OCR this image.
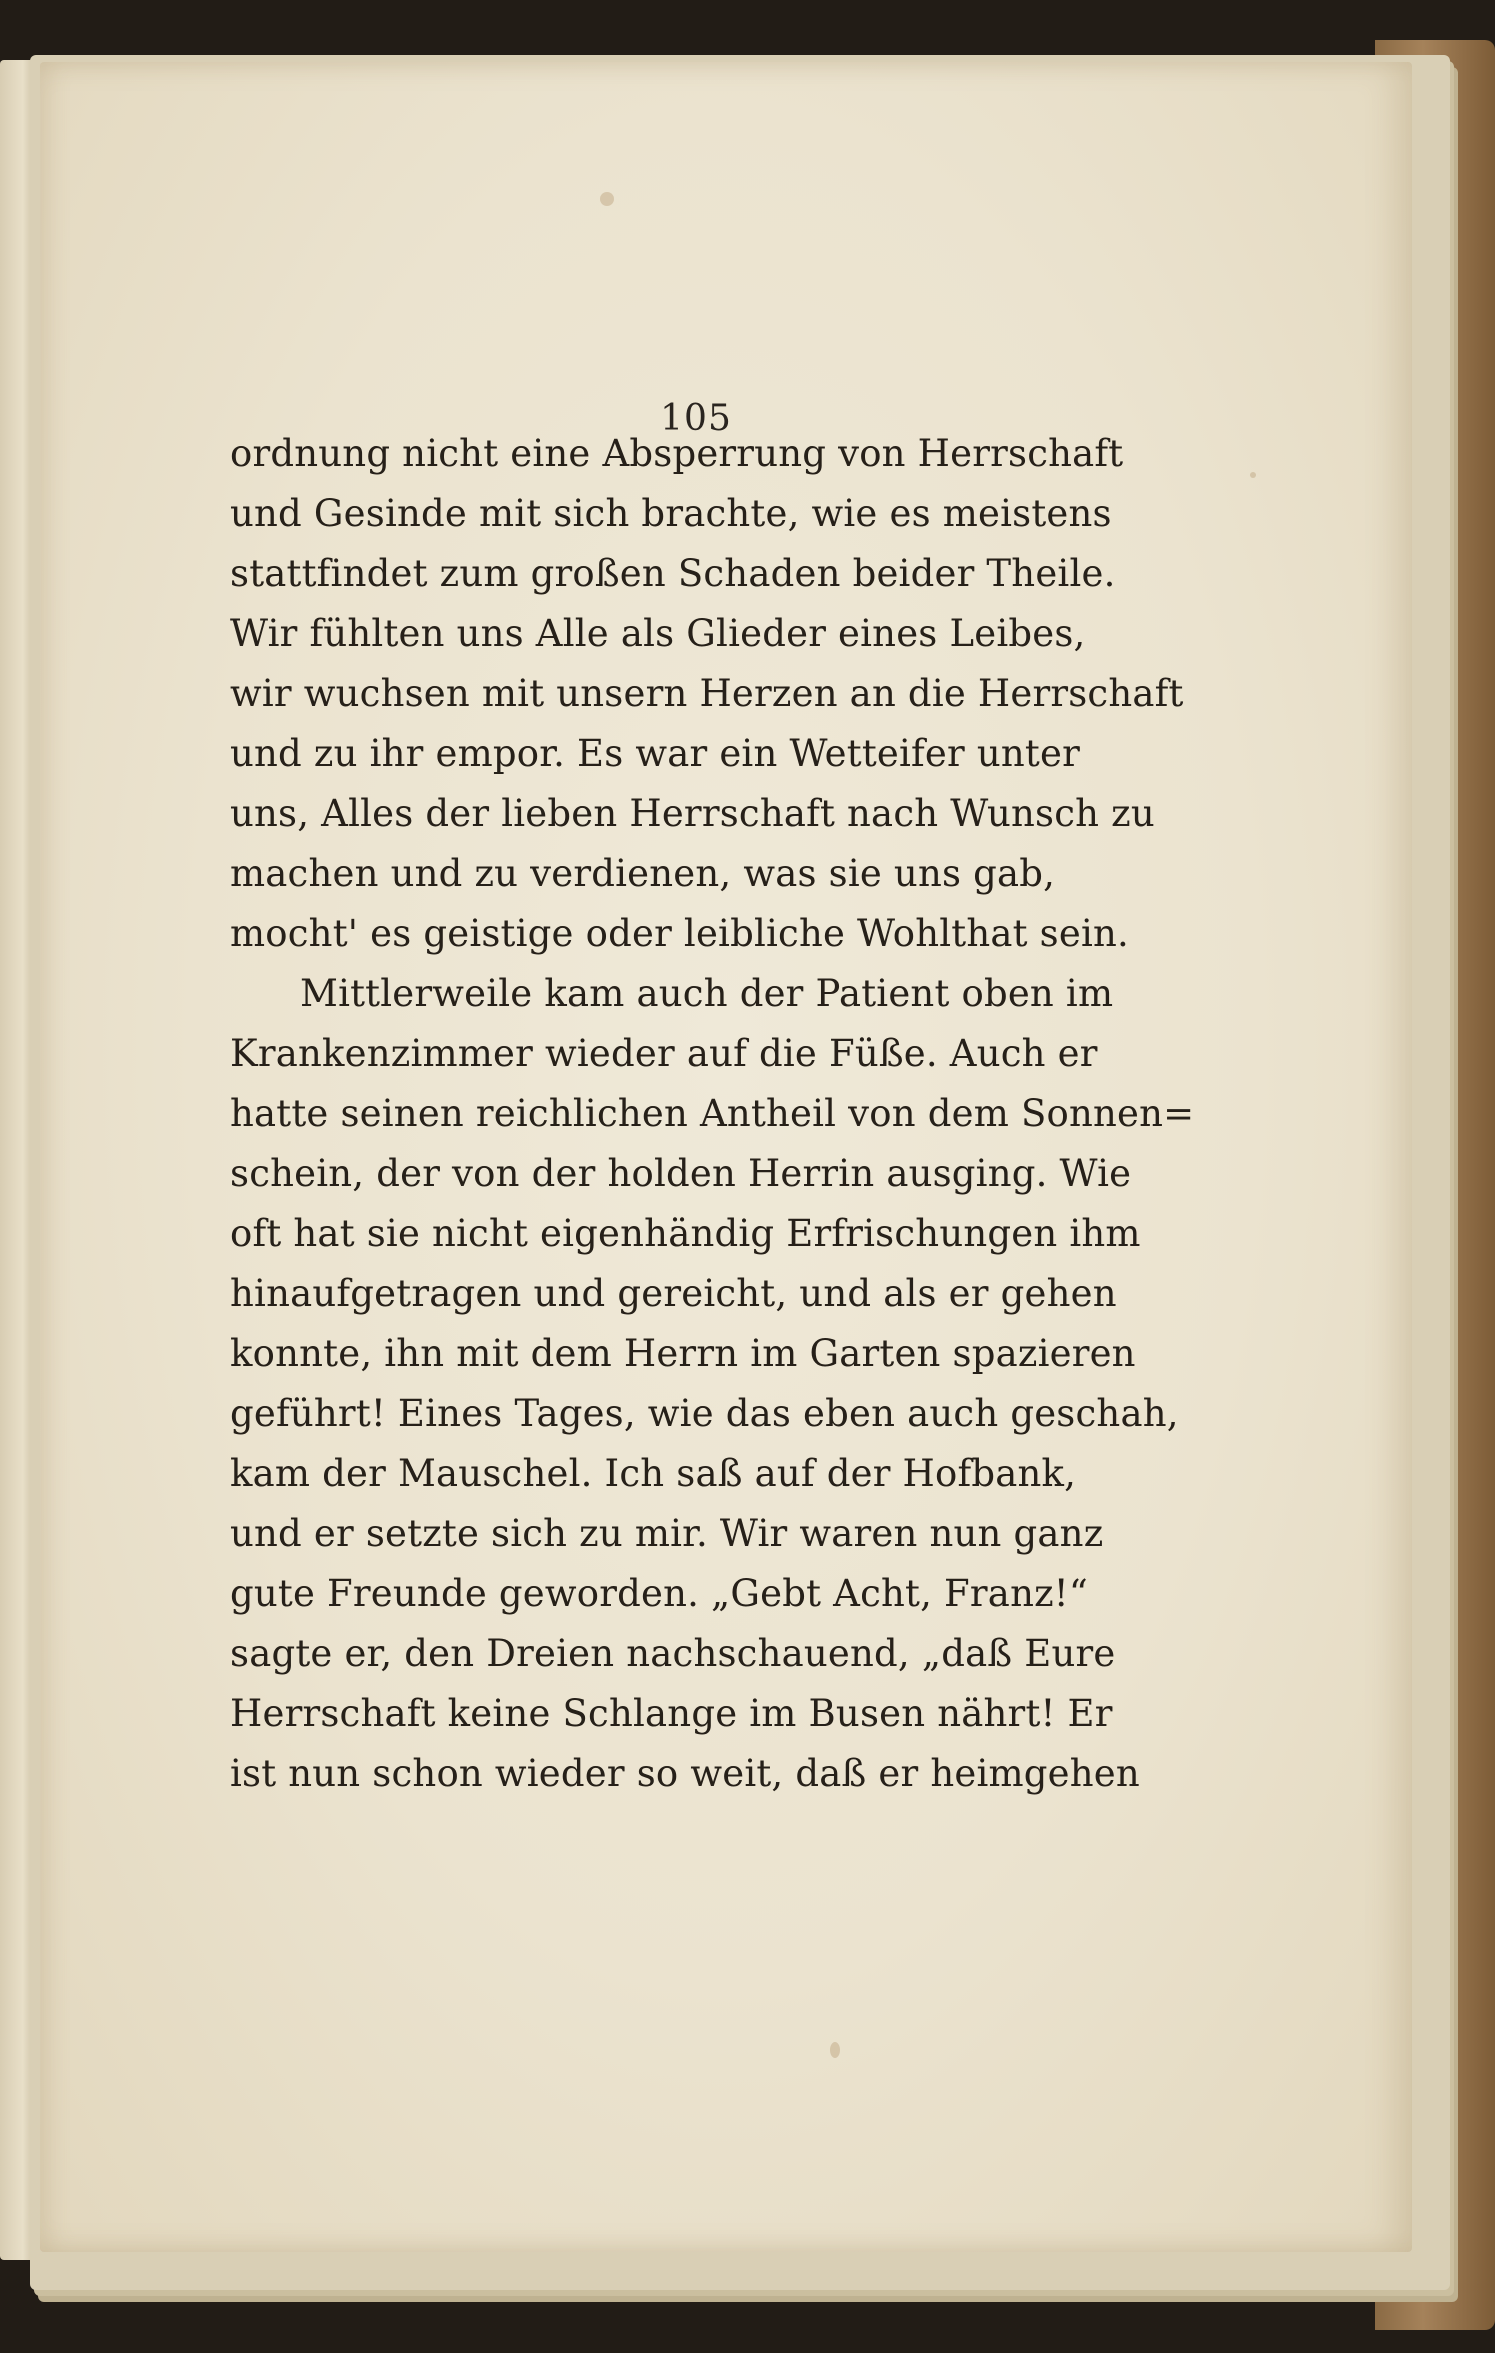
105
ordnung nicht eine Absperrung von Herrschaft
und Gesinde mit sich brachte, wie es meistens
stattfindet zum großen Schaden beider Theile.
Wir fühlten uns Alle als Glieder eines Leibes,
wir wuchsen mit unsern Herzen an die Herrschaft
und zu ihr empor. Es war ein Wetteifer unter
uns, Alles der lieben Herrschaft nach Wunsch zu
machen und zu verdienen, was sie uns gab,
mocht' es geistige oder leibliche Wohlthat sein.
Mittlerweile kam auch der Patient oben im
Krankenzimmer wieder auf die Füße. Auch er
hatte seinen reichlichen Antheil von dem Sonnen=
schein, der von der holden Herrin ausging. Wie
oft hat sie nicht eigenhändig Erfrischungen ihm
hinaufgetragen und gereicht, und als er gehen
konnte, ihn mit dem Herrn im Garten spazieren
geführt! Eines Tages, wie das eben auch geschah,
kam der Mauschel. Ich saß auf der Hofbank,
und er setzte sich zu mir. Wir waren nun ganz
gute Freunde geworden. „Gebt Acht, Franz!“
sagte er, den Dreien nachschauend, „daß Eure
Herrschaft keine Schlange im Busen nährt! Er
ist nun schon wieder so weit, daß er heimgehen
